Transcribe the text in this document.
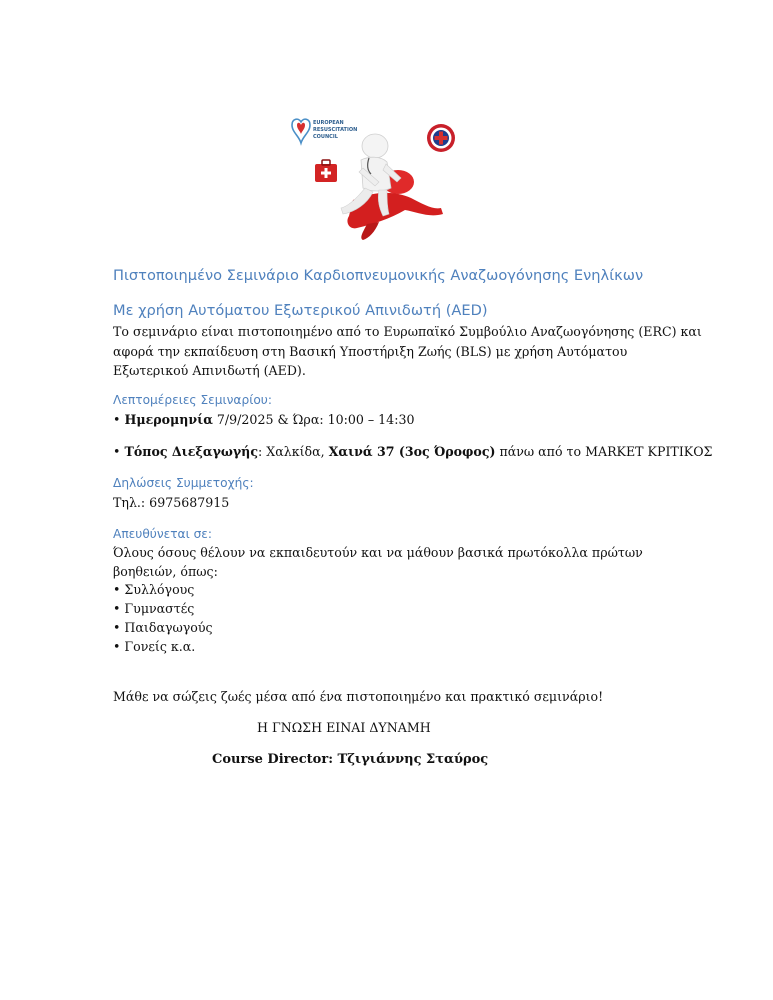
EUROPEAN
RESUSCITATION
COUNCIL
Πιστοποιημένο Σεμινάριο Καρδιοπνευμονικής Αναζωογόνησης Ενηλίκων
Με χρήση Αυτόματου Εξωτερικού Απινιδωτή (AED)
Το σεμινάριο είναι πιστοποιημένο από το Ευρωπαϊκό Συμβούλιο Αναζωογόνησης (ERC) και
αφορά την εκπαίδευση στη Βασική Υποστήριξη Ζωής (BLS) με χρήση Αυτόματου
Εξωτερικού Απινιδωτή (AED).
Λεπτομέρειες Σεμιναρίου:
• Ημερομηνία 7/9/2025 & Ώρα: 10:00 – 14:30
• Τόπος Διεξαγωγής: Χαλκίδα, Χαινά 37 (3ος Όροφος) πάνω από το MARKET ΚΡΙΤΙΚΟΣ
Δηλώσεις Συμμετοχής:
Τηλ.: 6975687915
Απευθύνεται σε:
Όλους όσους θέλουν να εκπαιδευτούν και να μάθουν βασικά πρωτόκολλα πρώτων
βοηθειών, όπως:
• Συλλόγους
• Γυμναστές
• Παιδαγωγούς
• Γονείς κ.α.
Μάθε να σώζεις ζωές μέσα από ένα πιστοποιημένο και πρακτικό σεμινάριο!
Η ΓΝΩΣΗ ΕΙΝΑΙ ΔΥΝΑΜΗ
Course Director: Τζιγιάννης Σταύρος
